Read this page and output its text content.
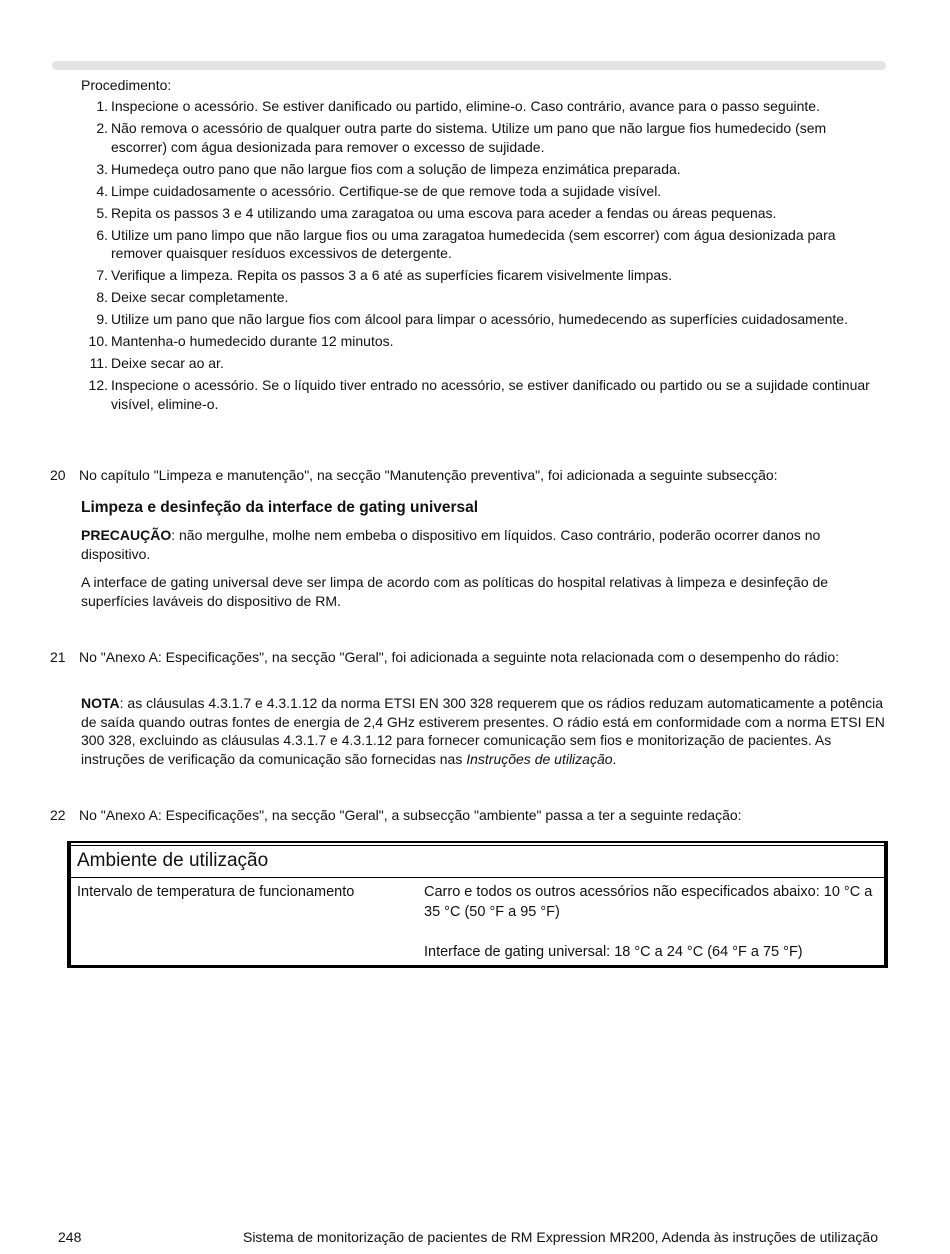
Procedimento:
1 . Inspecione o acessório. Se estiver danificado ou partido, elimine-o. Caso contrário, avance para o passo seguinte.
2 . Não remova o acessório de qualquer outra parte do sistema. Utilize um pano que não largue fios humedecido (sem escorrer) com água desionizada para remover o excesso de sujidade.
3 . Humedeça outro pano que não largue fios com a solução de limpeza enzimática preparada.
4 . Limpe cuidadosamente o acessório. Certifique-se de que remove toda a sujidade visível.
5 . Repita os passos 3 e 4 utilizando uma zaragatoa ou uma escova para aceder a fendas ou áreas pequenas.
6 . Utilize um pano limpo que não largue fios ou uma zaragatoa humedecida (sem escorrer) com água desionizada para remover quaisquer resíduos excessivos de detergente.
7 . Verifique a limpeza. Repita os passos 3 a 6 até as superfícies ficarem visivelmente limpas.
8 . Deixe secar completamente.
9 . Utilize um pano que não largue fios com álcool para limpar o acessório, humedecendo as superfícies cuidadosamente.
10 . Mantenha-o humedecido durante 12 minutos.
11 . Deixe secar ao ar.
12 . Inspecione o acessório. Se o líquido tiver entrado no acessório, se estiver danificado ou partido ou se a sujidade continuar visível, elimine-o.
20 No capítulo "Limpeza e manutenção", na secção "Manutenção preventiva", foi adicionada a seguinte subsecção:
Limpeza e desinfeção da interface de gating universal
PRECAUÇÃO: não mergulhe, molhe nem embeba o dispositivo em líquidos. Caso contrário, poderão ocorrer danos no dispositivo.
A interface de gating universal deve ser limpa de acordo com as políticas do hospital relativas à limpeza e desinfeção de superfícies laváveis do dispositivo de RM.
21 No "Anexo A: Especificações", na secção "Geral", foi adicionada a seguinte nota relacionada com o desempenho do rádio:
NOTA: as cláusulas 4.3.1.7 e 4.3.1.12 da norma ETSI EN 300 328 requerem que os rádios reduzam automaticamente a potência de saída quando outras fontes de energia de 2,4 GHz estiverem presentes. O rádio está em conformidade com a norma ETSI EN 300 328, excluindo as cláusulas 4.3.1.7 e 4.3.1.12 para fornecer comunicação sem fios e monitorização de pacientes. As instruções de verificação da comunicação são fornecidas nas Instruções de utilização.
22 No "Anexo A: Especificações", na secção "Geral", a subsecção "ambiente" passa a ter a seguinte redação:
Ambiente de utilização
Intervalo de temperatura de funcionamento	Carro e todos os outros acessórios não especificados abaixo: 10 °C a 35 °C (50 °F a 95 °F)

Interface de gating universal: 18 °C a 24 °C (64 °F a 75 °F)

248	Sistema de monitorização de pacientes de RM Expression MR200, Adenda às instruções de utilização
